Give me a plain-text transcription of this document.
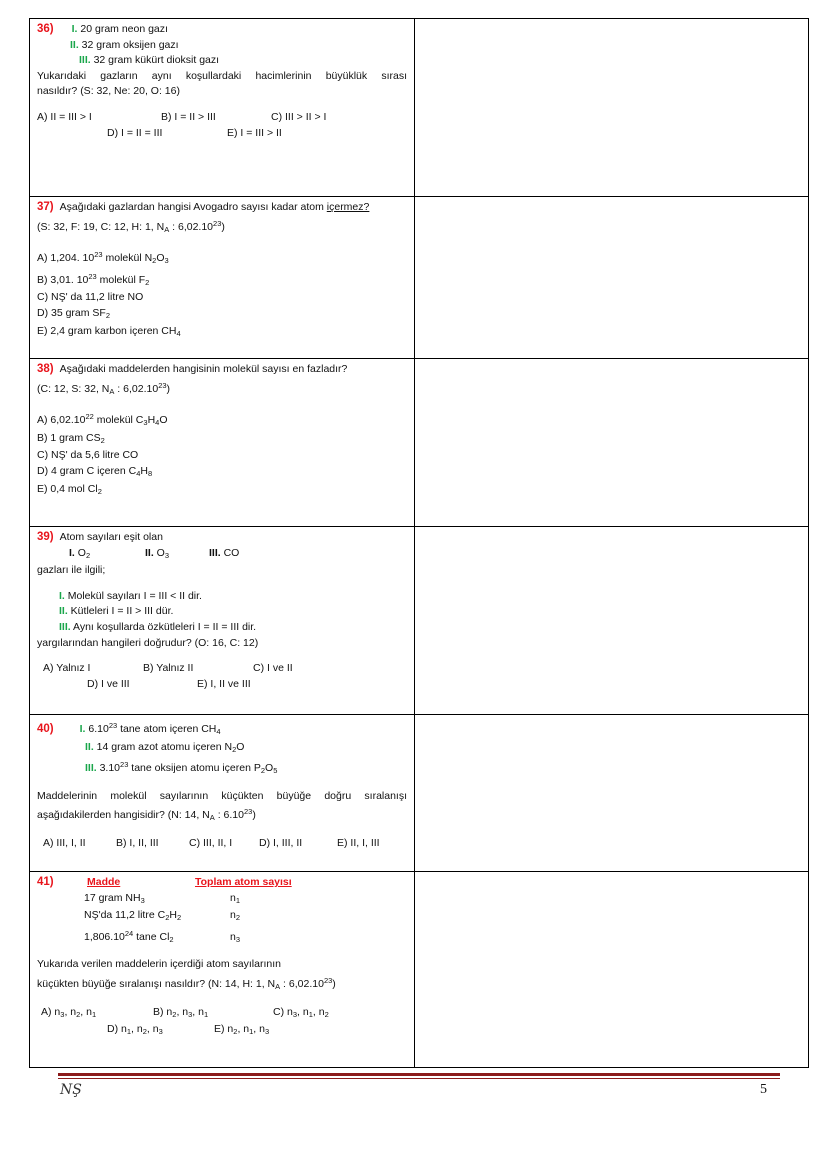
36) I. 20 gram neon gazı
II. 32 gram oksijen gazı
III. 32 gram kükürt dioksit gazı
Yukarıdaki gazların aynı koşullardaki hacimlerinin büyüklük sırası
nasıldır? (S: 32, Ne: 20, O: 16)
A) II = III > I	B) I = II > III	C) III > II > I
D) I = II = III	E) I = III > II
37) Aşağıdaki gazlardan hangisi Avogadro sayısı kadar atom içermez?
(S: 32, F: 19, C: 12, H: 1, $N_A$ : 6,02.10$^{23}$)
A) 1,204. $10^{23}$ molekül $N_2O_3$
B) 3,01. $10^{23}$ molekül $F_2$
C) NŞ' da 11,2 litre NO
D) 35 gram $SF_2$
E) 2,4 gram karbon içeren $CH_4$
38) Aşağıdaki maddelerden hangisinin molekül sayısı en fazladır?
(C: 12, S: 32, $N_A$ : 6,02.10$^{23}$)
A) 6,02.10$^{22}$ molekül $C_3H_4O$
B) 1 gram $CS_2$
C) NŞ' da 5,6 litre CO
D) 4 gram C içeren $C_4H_8$
E) 0,4 mol $Cl_2$
39) Atom sayıları eşit olan
I. $O_2$	II. $O_3$	III. CO
gazları ile ilgili;
I. Molekül sayıları I = III < II dir.
II. Kütleleri I = II > III dür.
III. Aynı koşullarda özkütleleri I = II = III dir.
yargılarından hangileri doğrudur? (O: 16, C: 12)
A) Yalnız I	B) Yalnız II	C) I ve II
D) I ve III	E) I, II ve III
40) I. 6.10$^{23}$ tane atom içeren $CH_4$
II. 14 gram azot atomu içeren $N_2O$
III. 3.10$^{23}$ tane oksijen atomu içeren $P_2O_5$
Maddelerinin molekül sayılarının küçükten büyüğe doğru sıralanışı
aşağıdakilerden hangisidir? (N: 14, $N_A$ : 6.10$^{23}$)
A) III, I, II	B) I, II, III	C) III, II, I	D) I, III, II	E) II, I, III
41)	Madde	Toplam atom sayısı
17 gram $NH_3$	$n_1$
NŞ'da 11,2 litre $C_2H_2$	$n_2$
1,806.10$^{24}$ tane $Cl_2$	$n_3$
Yukarıda verilen maddelerin içerdiği atom sayılarının
küçükten büyüğe sıralanışı nasıldır? (N: 14, H: 1, $N_A$ : 6,02.10$^{23}$)
A) $n_3$, $n_2$, $n_1$	B) $n_2$, $n_3$, $n_1$	C) $n_3$, $n_1$, $n_2$
D) $n_1$, $n_2$, $n_3$	E) $n_2$, $n_1$, $n_3$
NŞ	5
